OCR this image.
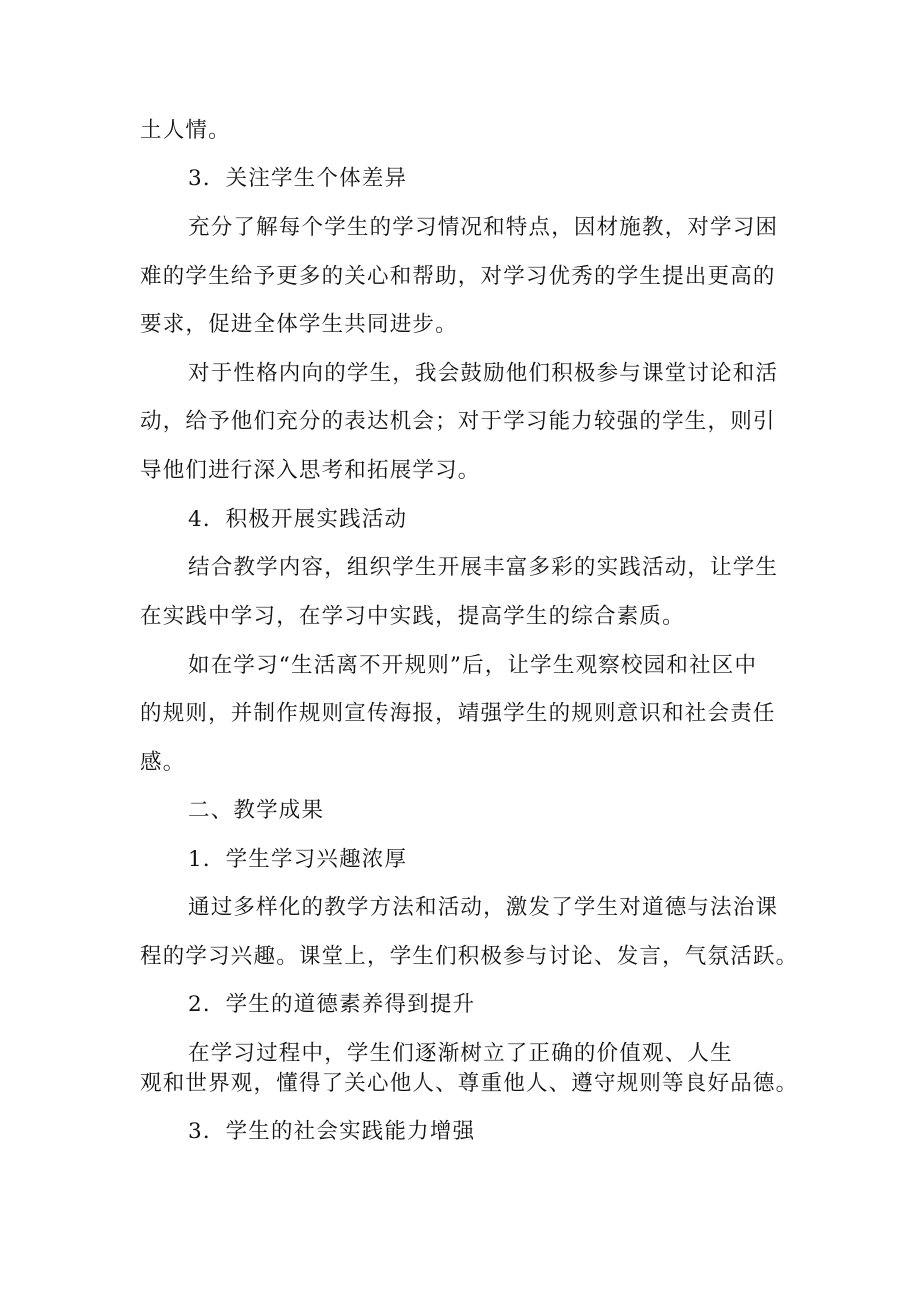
土人情。
3．关注学生个体差异
充分了解每个学生的学习情况和特点，因材施教，对学习困
难的学生给予更多的关心和帮助，对学习优秀的学生提出更高的
要求，促进全体学生共同进步。
对于性格内向的学生，我会鼓励他们积极参与课堂讨论和活
动，给予他们充分的表达机会；对于学习能力较强的学生，则引
导他们进行深入思考和拓展学习。
4．积极开展实践活动
结合教学内容，组织学生开展丰富多彩的实践活动，让学生
在实践中学习，在学习中实践，提高学生的综合素质。
如在学习“生活离不开规则”后，让学生观察校园和社区中
的规则，并制作规则宣传海报，靖强学生的规则意识和社会责任
感。
二、教学成果
1．学生学习兴趣浓厚
通过多样化的教学方法和活动，激发了学生对道德与法治课
程的学习兴趣。课堂上，学生们积极参与讨论、发言，气氛活跃。
2．学生的道德素养得到提升
在学习过程中，学生们逐渐树立了正确的价值观、人生
观和世界观，懂得了关心他人、尊重他人、遵守规则等良好品德。
3．学生的社会实践能力增强
